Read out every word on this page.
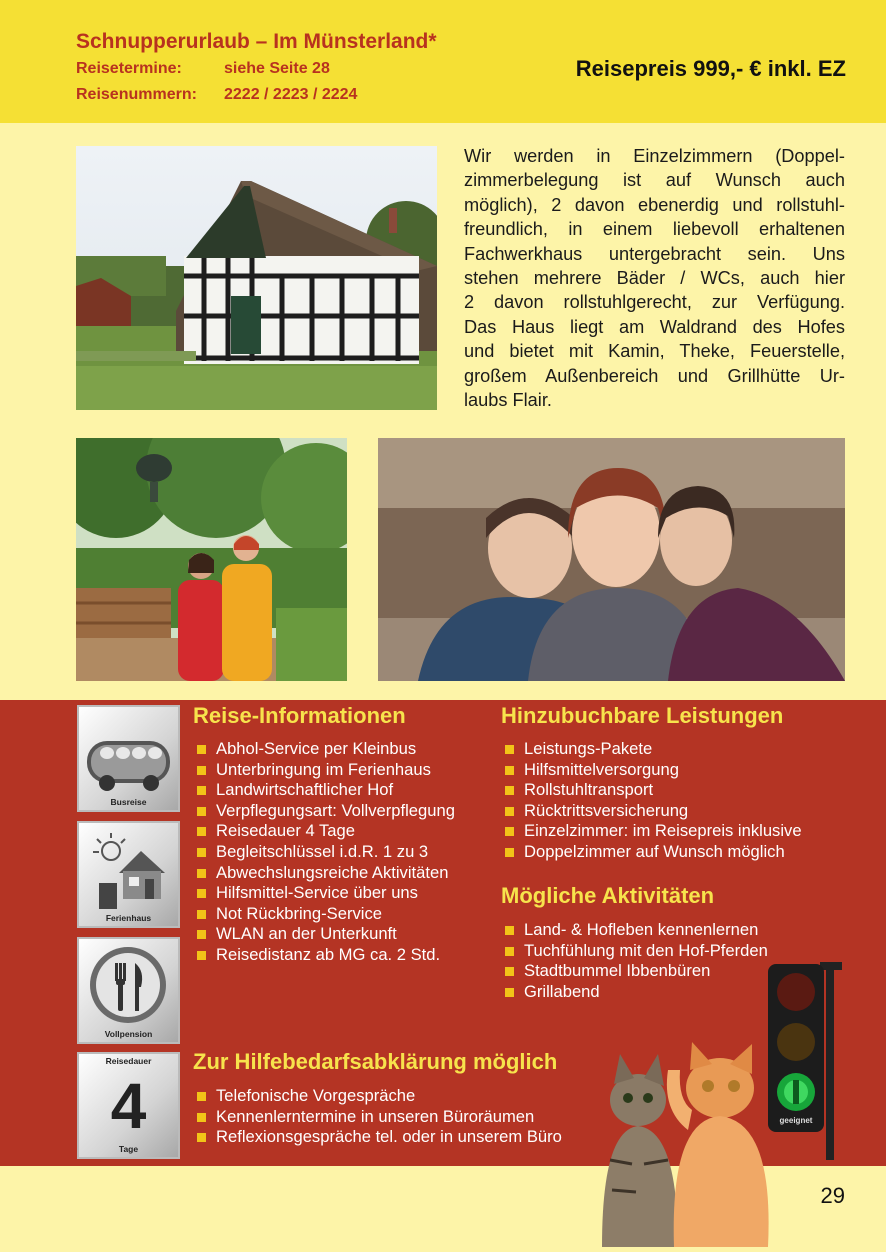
Schnupperurlaub – Im Münsterland*
Reisetermine:	siehe Seite 28
Reisenummern: 2222 / 2223 / 2224
Reisepreis 999,- € inkl. EZ
Wir werden in Einzelzimmern (Doppel-
zimmerbelegung ist auf Wunsch auch
möglich), 2 davon ebenerdig und rollstuhl-
freundlich, in einem liebevoll erhaltenen
Fachwerkhaus untergebracht sein. Uns
stehen mehrere Bäder / WCs, auch hier
2 davon rollstuhlgerecht, zur Verfügung.
Das Haus liegt am Waldrand des Hofes
und bietet mit Kamin, Theke, Feuerstelle,
großem Außenbereich und Grillhütte Ur-
laubs Flair.
Busreise
Ferienhaus
Vollpension
Reisedauer
4
Tage
Reise-Informationen
Abhol-Service per Kleinbus
Unterbringung im Ferienhaus
Landwirtschaftlicher Hof
Verpflegungsart: Vollverpflegung
Reisedauer 4 Tage
Begleitschlüssel i.d.R. 1 zu 3
Abwechslungsreiche Aktivitäten
Hilfsmittel-Service über uns
Not Rückbring-Service
WLAN an der Unterkunft
Reisedistanz ab MG ca. 2 Std.
Hinzubuchbare Leistungen
Leistungs-Pakete
Hilfsmittelversorgung
Rollstuhltransport
Rücktrittsversicherung
Einzelzimmer: im Reisepreis inklusive
Doppelzimmer auf Wunsch möglich
Mögliche Aktivitäten
Land- & Hofleben kennenlernen
Tuchfühlung mit den Hof-Pferden
Stadtbummel Ibbenbüren
Grillabend
Zur Hilfebedarfsabklärung möglich
Telefonische Vorgespräche
Kennenlerntermine in unseren Büroräumen
Reflexionsgespräche tel. oder in unserem Büro
geeignet
29
